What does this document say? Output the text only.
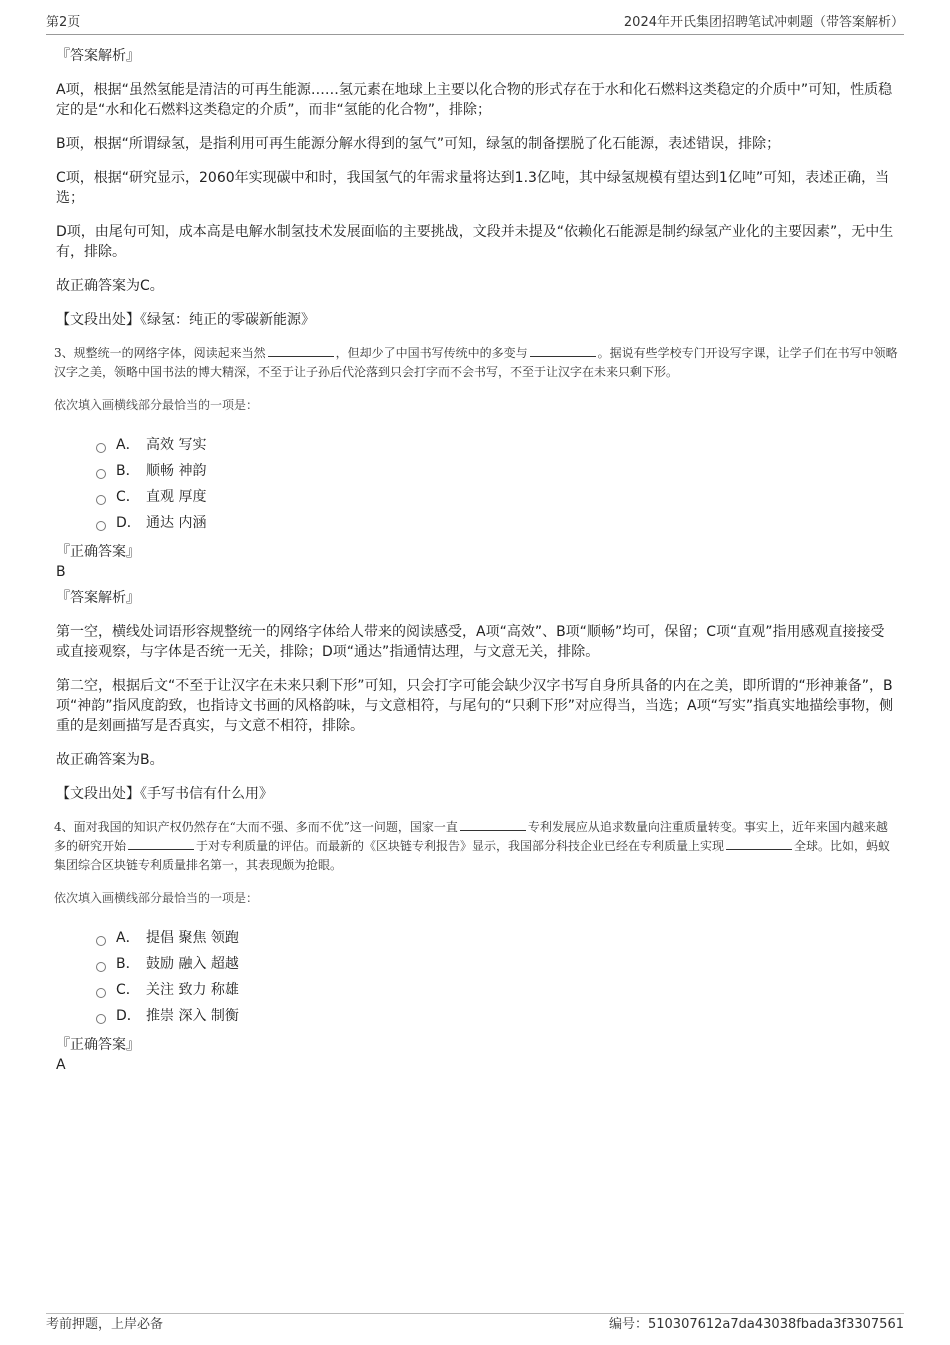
第2页	2024年开氏集团招聘笔试冲刺题（带答案解析）
『答案解析』
A项，根据“虽然氢能是清洁的可再生能源……氢元素在地球上主要以化合物的形式存在于水和化石燃料这类稳定的介质中”可知，性质稳定的是“水和化石燃料这类稳定的介质”，而非“氢能的化合物”，排除；
B项，根据“所谓绿氢，是指利用可再生能源分解水得到的氢气”可知，绿氢的制备摆脱了化石能源，表述错误，排除；
C项，根据“研究显示，2060年实现碳中和时，我国氢气的年需求量将达到1.3亿吨，其中绿氢规模有望达到1亿吨”可知，表述正确，当选；
D项，由尾句可知，成本高是电解水制氢技术发展面临的主要挑战，文段并未提及“依赖化石能源是制约绿氢产业化的主要因素”，无中生有，排除。
故正确答案为C。
【文段出处】《绿氢：纯正的零碳新能源》
3、规整统一的网络字体，阅读起来当然	，但却少了中国书写传统中的多变与	。据说有些学校专门开设写字课，让学子们在书写中领略汉字之美，领略中国书法的博大精深，不至于让子孙后代沦落到只会打字而不会书写，不至于让汉字在未来只剩下形。
依次填入画横线部分最恰当的一项是：
A． 高效 写实
B． 顺畅 神韵
C． 直观 厚度
D． 通达 内涵
『正确答案』
B
『答案解析』
第一空，横线处词语形容规整统一的网络字体给人带来的阅读感受，A项“高效”、B项“顺畅”均可，保留；C项“直观”指用感观直接接受或直接观察，与字体是否统一无关，排除；D项“通达”指通情达理，与文意无关，排除。
第二空，根据后文“不至于让汉字在未来只剩下形”可知，只会打字可能会缺少汉字书写自身所具备的内在之美，即所谓的“形神兼备”，B项“神韵”指风度韵致，也指诗文书画的风格韵味，与文意相符，与尾句的“只剩下形”对应得当，当选；A项“写实”指真实地描绘事物，侧重的是刻画描写是否真实，与文意不相符，排除。
故正确答案为B。
【文段出处】《手写书信有什么用》
4、面对我国的知识产权仍然存在“大而不强、多而不优”这一问题，国家一直	专利发展应从追求数量向注重质量转变。事实上，近年来国内越来越多的研究开始	于对专利质量的评估。而最新的《区块链专利报告》显示，我国部分科技企业已经在专利质量上实现	全球。比如，蚂蚁集团综合区块链专利质量排名第一，其表现颇为抢眼。
依次填入画横线部分最恰当的一项是：
A． 提倡 聚焦 领跑
B． 鼓励 融入 超越
C． 关注 致力 称雄
D． 推崇 深入 制衡
『正确答案』
A
考前押题，上岸必备	编号：510307612a7da43038fbada3f3307561
